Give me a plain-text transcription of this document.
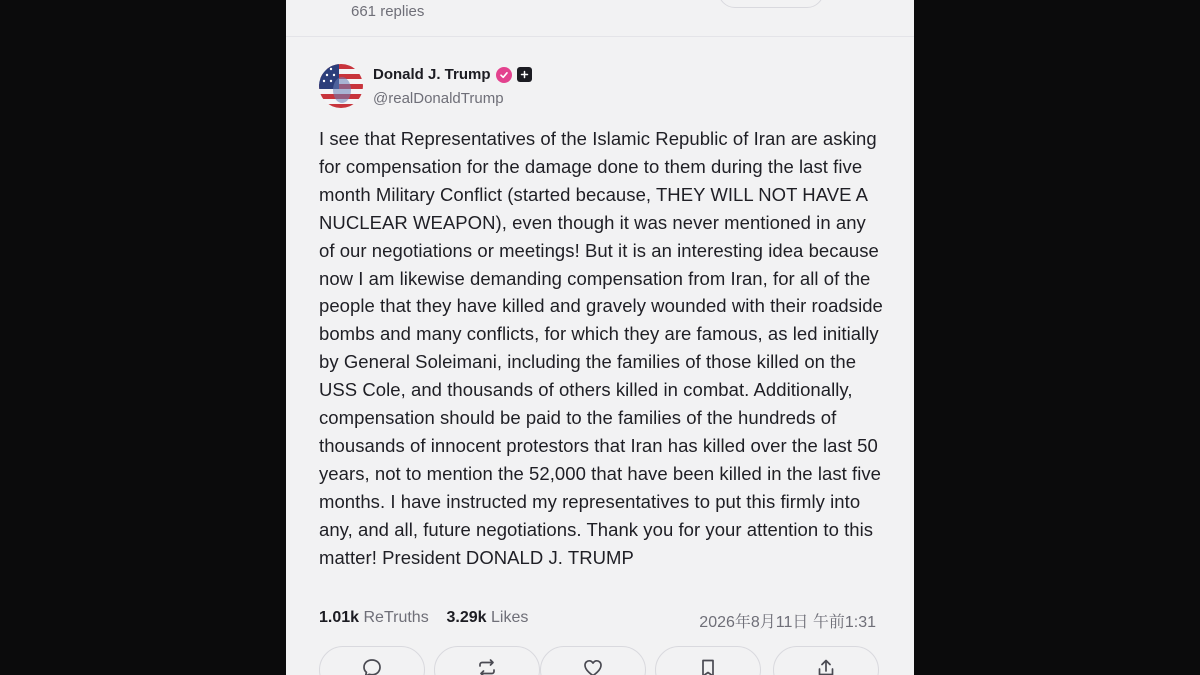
661 replies
Donald J. Trump
@realDonaldTrump

I see that Representatives of the Islamic Republic of Iran are asking for compensation for the damage done to them during the last five month Military Conflict (started because, THEY WILL NOT HAVE A NUCLEAR WEAPON), even though it was never mentioned in any of our negotiations or meetings! But it is an interesting idea because now I am likewise demanding compensation from Iran, for all of the people that they have killed and gravely wounded with their roadside bombs and many conflicts, for which they are famous, as led initially by General Soleimani, including the families of those killed on the USS Cole, and thousands of others killed in combat. Additionally, compensation should be paid to the families of the hundreds of thousands of innocent protestors that Iran has killed over the last 50 years, not to mention the 52,000 that have been killed in the last five months. I have instructed my representatives to put this firmly into any, and all, future negotiations. Thank you for your attention to this matter! President DONALD J. TRUMP

1.01k ReTruths 3.29k Likes	2026年8月11日 午前1:31
